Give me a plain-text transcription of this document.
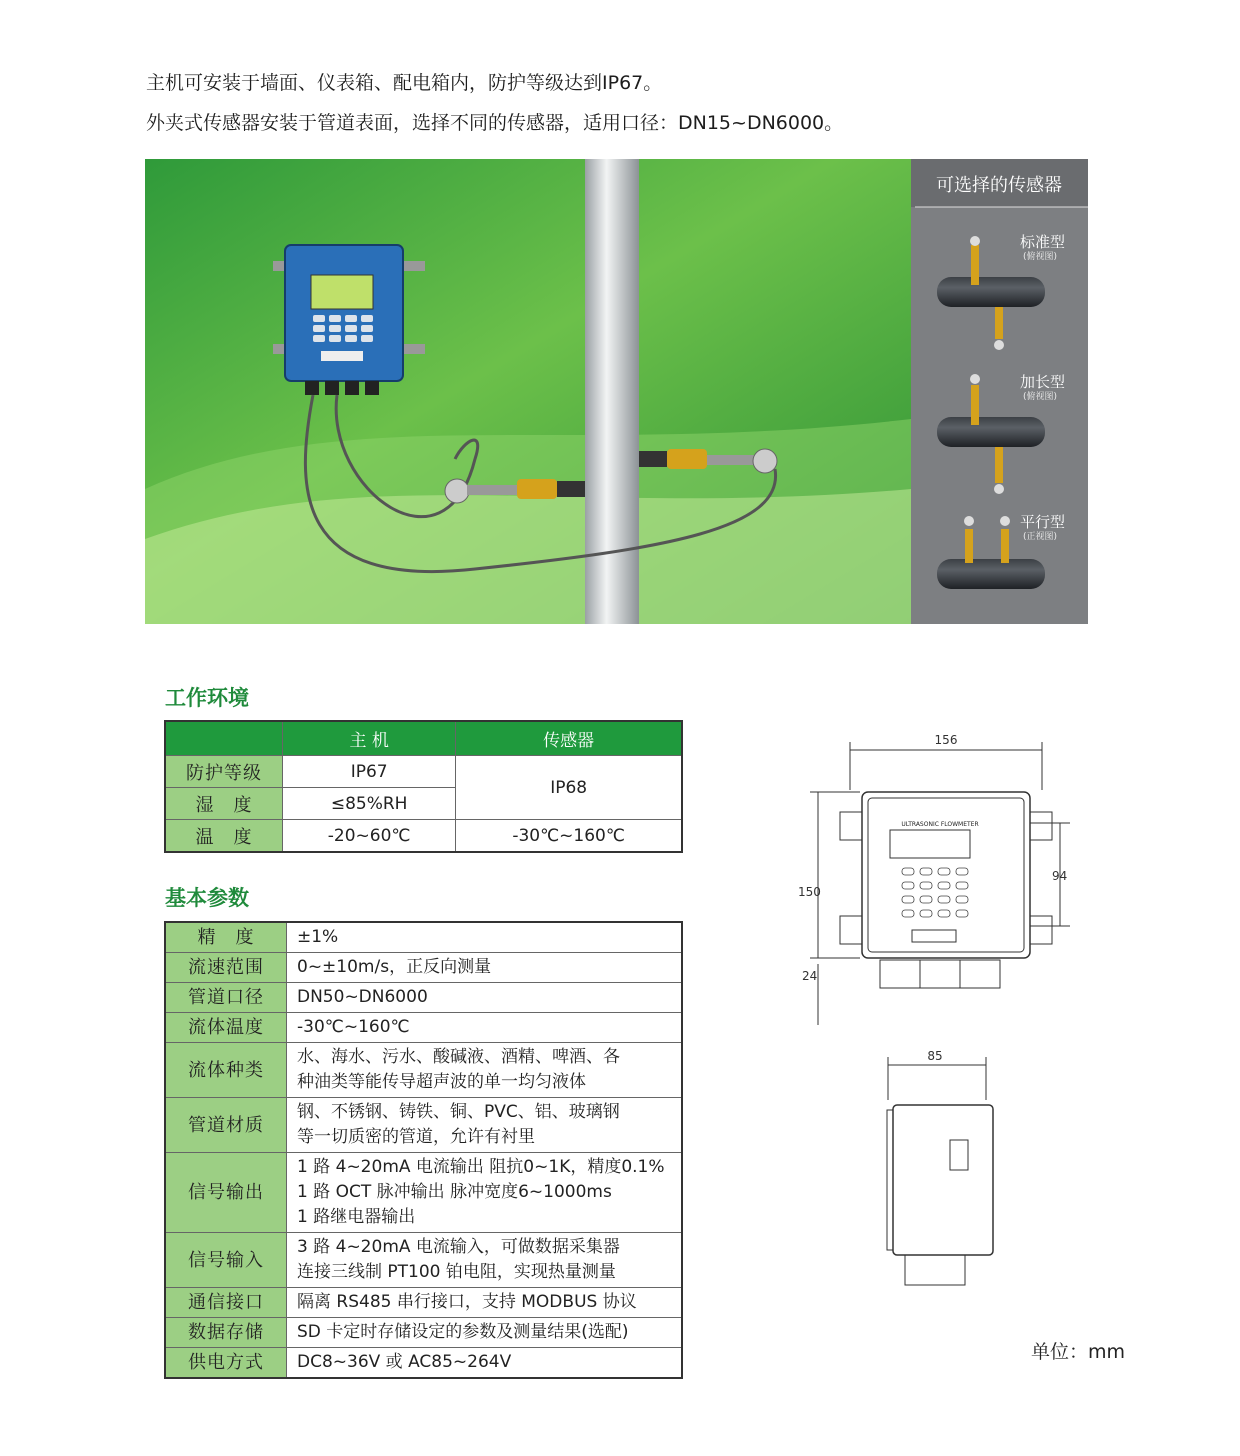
主机可安装于墙面、仪表箱、配电箱内，防护等级达到IP67。
外夹式传感器安装于管道表面，选择不同的传感器，适用口径：DN15~DN6000。
可选择的传感器
标准型
(俯视图)
加长型
(俯视图)
平行型
(正视图)
工作环境
	主 机	传感器
防护等级	IP67	IP68
湿　度	≤85%RH	
温　度	-20~60℃	-30℃~160℃
基本参数
精　度	±1%

流速范围	0~±10m/s，正反向测量

管道口径	DN50~DN6000

流体温度	-30℃~160℃

流体种类	水、海水、污水、酸碱液、酒精、啤酒、各
种油类等能传导超声波的单一均匀液体

管道材质	钢、不锈钢、铸铁、铜、PVC、铝、玻璃钢
等一切质密的管道，允许有衬里

信号输出	1 路 4~20mA 电流输出 阻抗0~1K，精度0.1%
1 路 OCT 脉冲输出 脉冲宽度6~1000ms
1 路继电器输出

信号输入	3 路 4~20mA 电流输入，可做数据采集器
连接三线制 PT100 铂电阻，实现热量测量

通信接口	隔离 RS485 串行接口，支持 MODBUS 协议

数据存储	SD 卡定时存储设定的参数及测量结果(选配)

供电方式	DC8~36V 或 AC85~264V
ULTRASONIC FLOWMETER
156
150
94
24
85
单位：mm
